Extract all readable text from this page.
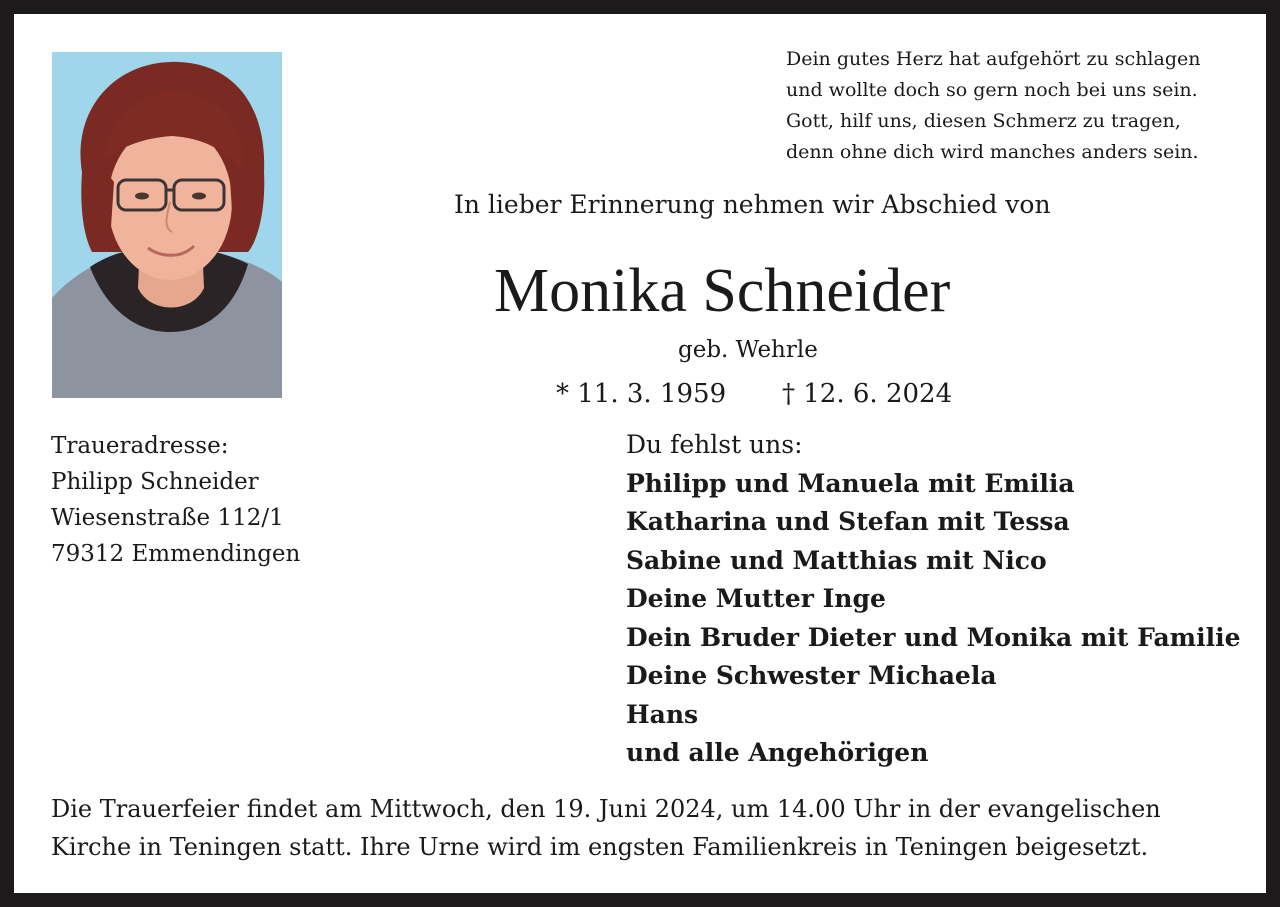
Dein gutes Herz hat aufgehört zu schlagen
und wollte doch so gern noch bei uns sein.
Gott, hilf uns, diesen Schmerz zu tragen,
denn ohne dich wird manches anders sein.
In lieber Erinnerung nehmen wir Abschied von
Monika Schneider
geb. Wehrle
* 11. 3. 1959 † 12. 6. 2024
Traueradresse:
Philipp Schneider
Wiesenstraße 112/1
79312 Emmendingen
Du fehlst uns:
Philipp und Manuela mit Emilia
Katharina und Stefan mit Tessa
Sabine und Matthias mit Nico
Deine Mutter Inge
Dein Bruder Dieter und Monika mit Familie
Deine Schwester Michaela
Hans
und alle Angehörigen
Die Trauerfeier findet am Mittwoch, den 19. Juni 2024, um 14.00 Uhr in der evangelischen
Kirche in Teningen statt. Ihre Urne wird im engsten Familienkreis in Teningen beigesetzt.
